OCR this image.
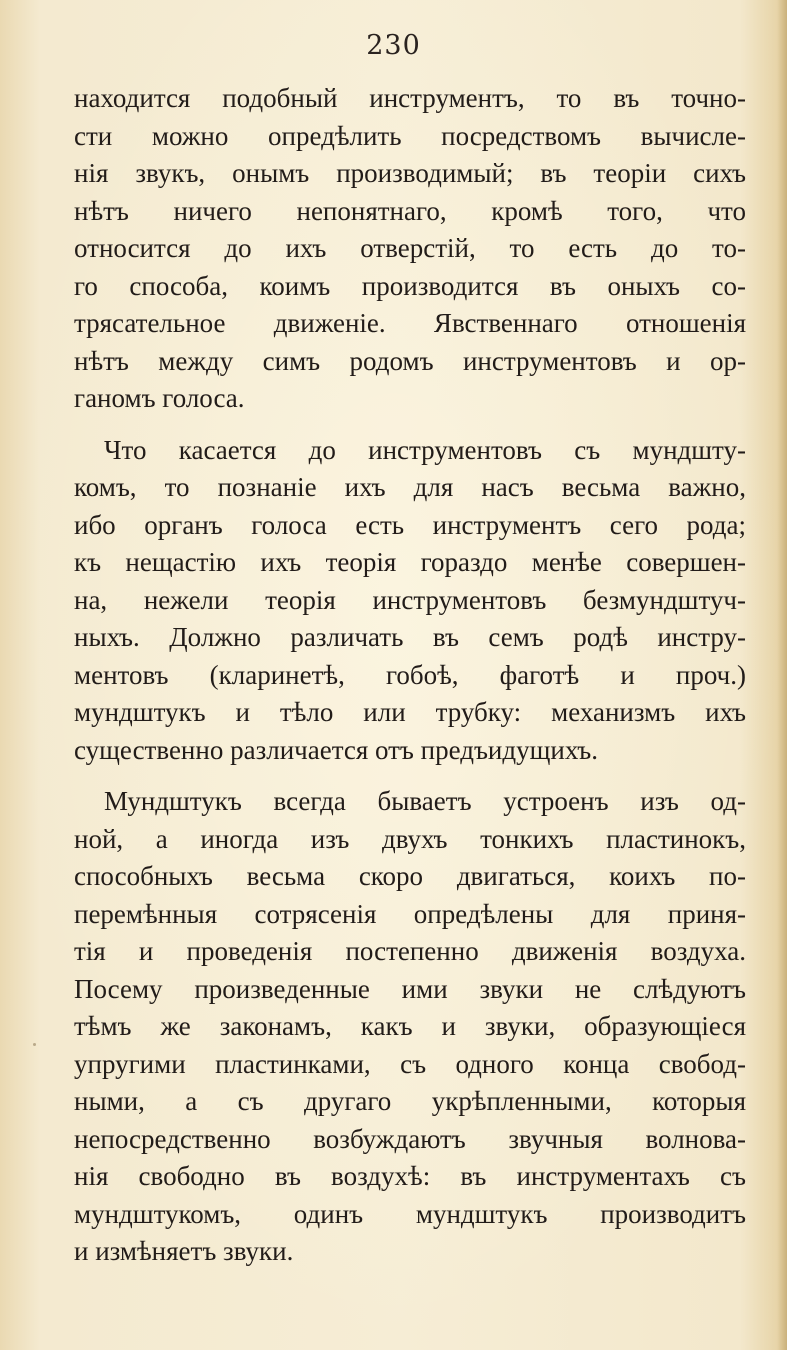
230
находится подобный инструментъ, то въ точно-
сти можно опредѣлить посредствомъ вычисле-
нія звукъ, онымъ производимый; въ теоріи сихъ
нѣтъ ничего непонятнаго, кромѣ того, что
относится до ихъ отверстій, то есть до то-
го способа, коимъ производится въ оныхъ со-
трясательное движеніе. Явственнаго отношенія
нѣтъ между симъ родомъ инструментовъ и ор-
ганомъ голоса.
Что касается до инструментовъ съ мундшту-
комъ, то познаніе ихъ для насъ весьма важно,
ибо органъ голоса есть инструментъ сего рода;
къ нещастію ихъ теорія гораздо менѣе совершен-
на, нежели теорія инструментовъ безмундштуч-
ныхъ. Должно различать въ семъ родѣ инстру-
ментовъ (кларинетѣ, гобоѣ, фаготѣ и проч.)
мундштукъ и тѣло или трубку: механизмъ ихъ
существенно различается отъ предъидущихъ.
Мундштукъ всегда бываетъ устроенъ изъ од-
ной, а иногда изъ двухъ тонкихъ пластинокъ,
способныхъ весьма скоро двигаться, коихъ по-
перемѣнныя сотрясенія опредѣлены для приня-
тія и проведенія постепенно движенія воздуха.
Посему произведенные ими звуки не слѣдуютъ
тѣмъ же законамъ, какъ и звуки, образующіеся
упругими пластинками, съ одного конца свобод-
ными, а съ другаго укрѣпленными, которыя
непосредственно возбуждаютъ звучныя волнова-
нія свободно въ воздухѣ: въ инструментахъ съ
мундштукомъ, одинъ мундштукъ производитъ
и измѣняетъ звуки.
